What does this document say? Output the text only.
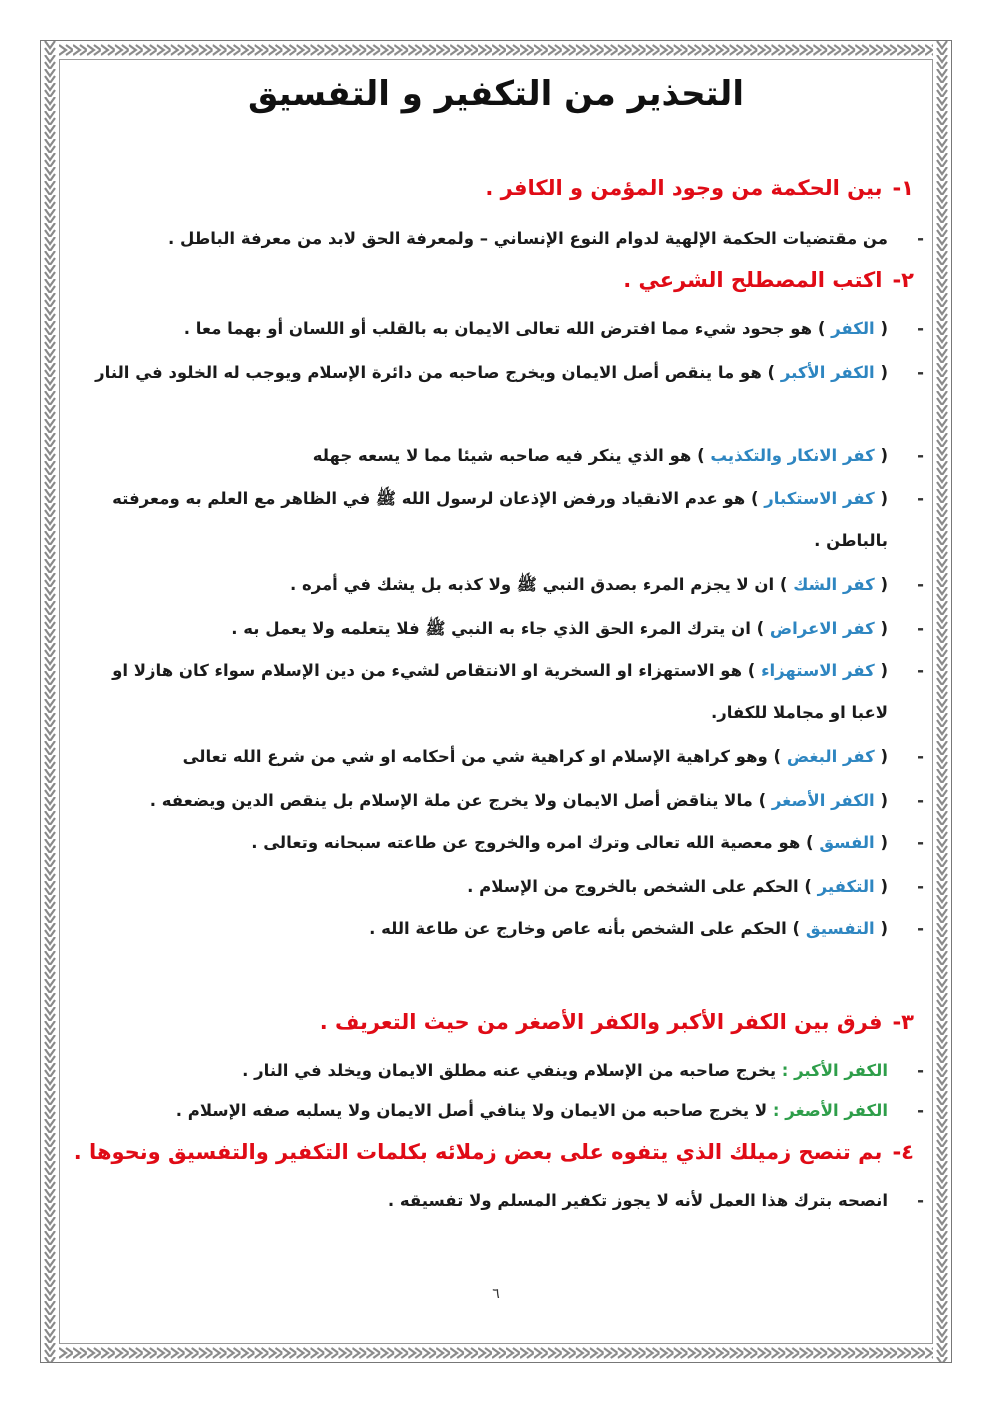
التحذير من التكفير و التفسيق
١-بين الحكمة من وجود المؤمن و الكافر .
-
من مقتضيات الحكمة الإلهية لدوام النوع الإنساني – ولمعرفة الحق لابد من معرفة الباطل .
٢-اكتب المصطلح الشرعي .
-
( الكفر ) هو جحود شيء مما افترض الله تعالى الايمان به بالقلب أو اللسان أو بهما معا .
-
( الكفر الأكبر ) هو ما ينقص أصل الايمان ويخرج صاحبه من دائرة الإسلام ويوجب له الخلود في النار
-
( كفر الانكار والتكذيب ) هو الذي ينكر فيه صاحبه شيئا مما لا يسعه جهله
-
( كفر الاستكبار ) هو عدم الانقياد ورفض الإذعان لرسول الله ﷺ في الظاهر مع العلم به ومعرفته بالباطن .
-
( كفر الشك ) ان لا يجزم المرء بصدق النبي ﷺ ولا كذبه بل يشك في أمره .
-
( كفر الاعراض ) ان يترك المرء الحق الذي جاء به النبي ﷺ فلا يتعلمه ولا يعمل به .
-
( كفر الاستهزاء ) هو الاستهزاء او السخرية او الانتقاص لشيء من دين الإسلام سواء كان هازلا او لاعبا او مجاملا للكفار.
-
( كفر البغض ) وهو كراهية الإسلام او كراهية شي من أحكامه او شي من شرع الله تعالى
-
( الكفر الأصغر ) مالا يناقض أصل الايمان ولا يخرج عن ملة الإسلام بل ينقص الدين ويضعفه .
-
( الفسق ) هو معصية الله تعالى وترك امره والخروج عن طاعته سبحانه وتعالى .
-
( التكفير ) الحكم على الشخص بالخروج من الإسلام .
-
( التفسيق ) الحكم على الشخص بأنه عاص وخارج عن طاعة الله .
٣-فرق بين الكفر الأكبر والكفر الأصغر من حيث التعريف .
-
الكفر الأكبر : يخرج صاحبه من الإسلام وينفي عنه مطلق الايمان ويخلد في النار .
-
الكفر الأصغر : لا يخرج صاحبه من الايمان ولا ينافي أصل الايمان ولا يسلبه صفه الإسلام .
٤-بم تنصح زميلك الذي يتفوه على بعض زملائه بكلمات التكفير والتفسيق ونحوها .
-
انصحه بترك هذا العمل لأنه لا يجوز تكفير المسلم ولا تفسيقه .
٦
